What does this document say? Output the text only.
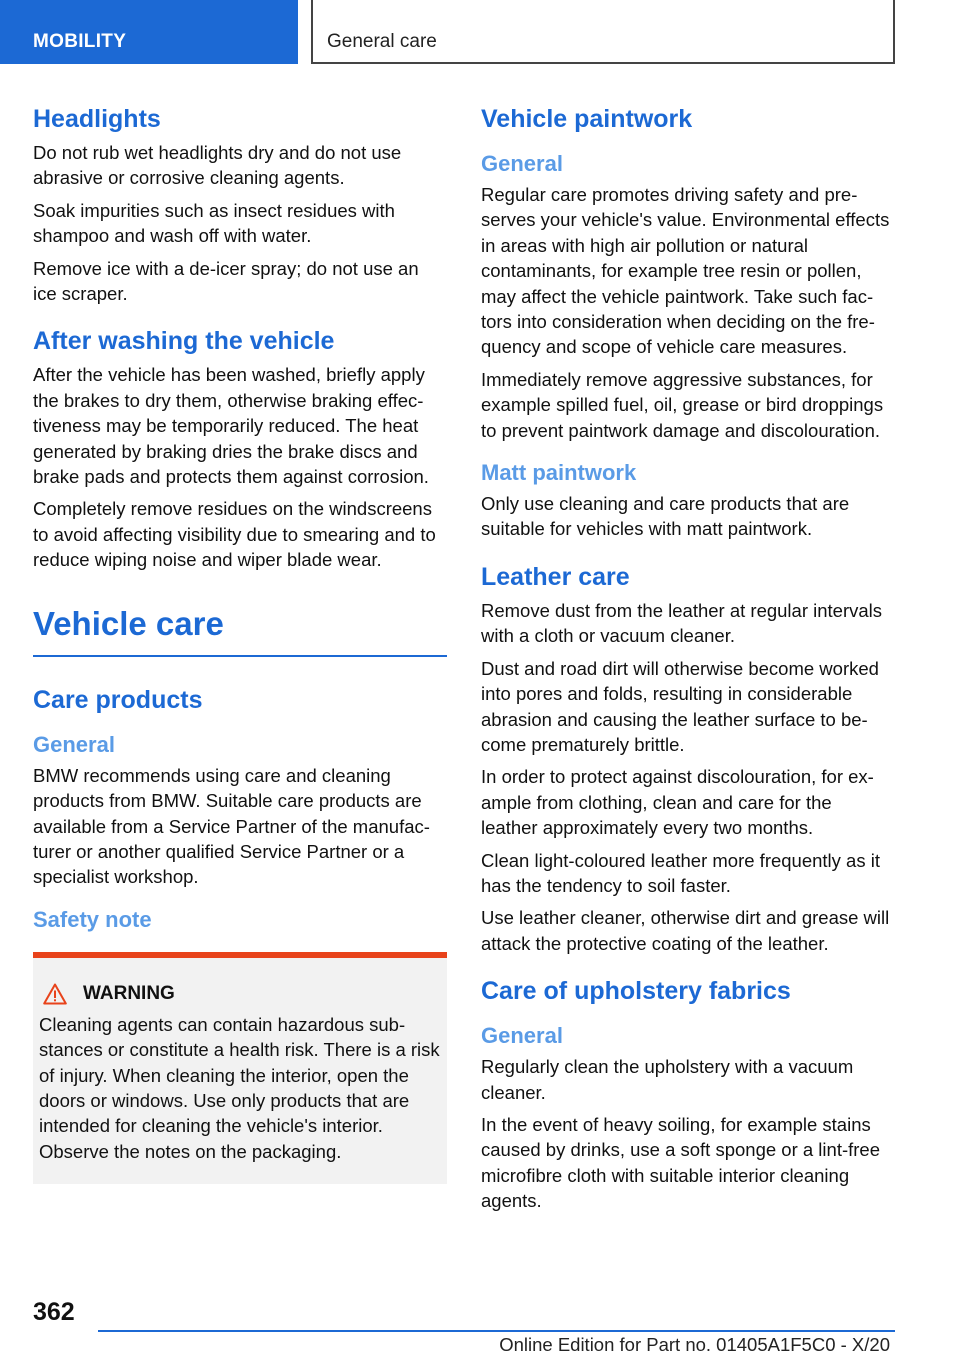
MOBILITY	General care
Headlights

Do not rub wet headlights dry and do not use abrasive or corrosive cleaning agents.

Soak impurities such as insect residues with shampoo and wash off with water.

Remove ice with a de-icer spray; do not use an ice scraper.

After washing the vehicle

After the vehicle has been washed, briefly apply the brakes to dry them, otherwise braking effectiveness may be temporarily reduced. The heat generated by braking dries the brake discs and brake pads and protects them against corrosion.

Completely remove residues on the windscreens to avoid affecting visibility due to smearing and to reduce wiping noise and wiper blade wear.

Vehicle care
Care products
General

BMW recommends using care and cleaning products from BMW. Suitable care products are available from a Service Partner of the manufacturer or another qualified Service Partner or a specialist workshop.

Safety note
WARNING

Cleaning agents can contain hazardous substances or constitute a health risk. There is a risk of injury. When cleaning the interior, open the doors or windows. Use only products that are intended for cleaning the vehicle's interior. Observe the notes on the packaging.

Vehicle paintwork
General

Regular care promotes driving safety and preserves your vehicle's value. Environmental effects in areas with high air pollution or natural contaminants, for example tree resin or pollen, may affect the vehicle paintwork. Take such factors into consideration when deciding on the frequency and scope of vehicle care measures.

Immediately remove aggressive substances, for example spilled fuel, oil, grease or bird droppings to prevent paintwork damage and discolouration.

Matt paintwork

Only use cleaning and care products that are suitable for vehicles with matt paintwork.

Leather care

Remove dust from the leather at regular intervals with a cloth or vacuum cleaner.

Dust and road dirt will otherwise become worked into pores and folds, resulting in considerable abrasion and causing the leather surface to become prematurely brittle.

In order to protect against discolouration, for example from clothing, clean and care for the leather approximately every two months.

Clean light-coloured leather more frequently as it has the tendency to soil faster.

Use leather cleaner, otherwise dirt and grease will attack the protective coating of the leather.

Care of upholstery fabrics
General

Regularly clean the upholstery with a vacuum cleaner.

In the event of heavy soiling, for example stains caused by drinks, use a soft sponge or a lint-free microfibre cloth with suitable interior cleaning agents.

362
Online Edition for Part no. 01405A1F5C0 - X/20
